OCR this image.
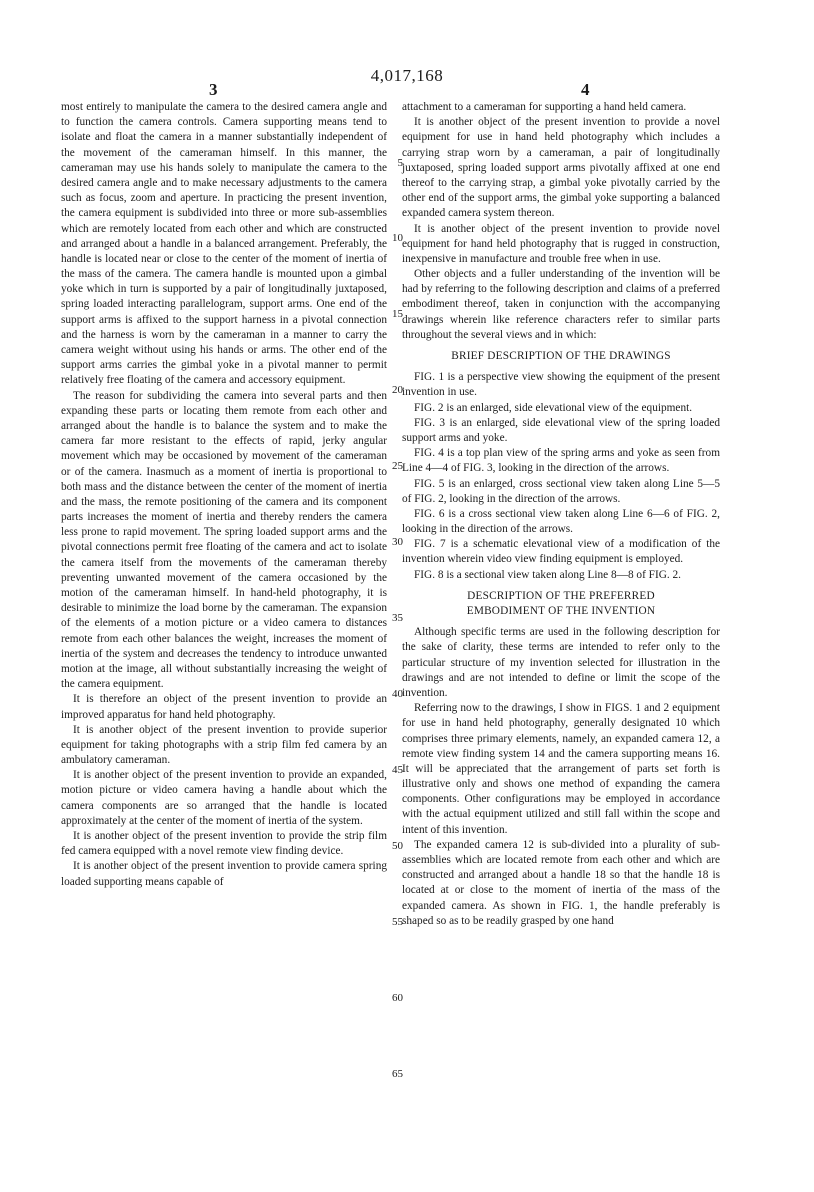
4,017,168
3	4

most entirely to manipulate the camera to the desired camera angle and to function the camera controls. Camera supporting means tend to isolate and float the camera in a manner substantially independent of the movement of the cameraman himself. In this manner, the cameraman may use his hands solely to manipulate the camera to the desired camera angle and to make necessary adjustments to the camera such as focus, zoom and aperture. In practicing the present invention, the camera equipment is subdivided into three or more sub-assemblies which are remotely located from each other and which are constructed and arranged about a handle in a balanced arrangement. Preferably, the handle is located near or close to the center of the moment of inertia of the mass of the camera. The camera handle is mounted upon a gimbal yoke which in turn is supported by a pair of longitudinally juxtaposed, spring loaded interacting parallelogram, support arms. One end of the support arms is affixed to the support harness in a pivotal connection and the harness is worn by the cameraman in a manner to carry the camera weight without using his hands or arms. The other end of the support arms carries the gimbal yoke in a pivotal manner to permit relatively free floating of the camera and accessory equipment.

The reason for subdividing the camera into several parts and then expanding these parts or locating them remote from each other and arranged about the handle is to balance the system and to make the camera far more resistant to the effects of rapid, jerky angular movement which may be occasioned by movement of the cameraman or of the camera. Inasmuch as a moment of inertia is proportional to both mass and the distance between the center of the moment of inertia and the mass, the remote positioning of the camera and its component parts increases the moment of inertia and thereby renders the camera less prone to rapid movement. The spring loaded support arms and the pivotal connections permit free floating of the camera and act to isolate the camera itself from the movements of the cameraman thereby preventing unwanted movement of the camera occasioned by the motion of the cameraman himself. In hand-held photography, it is desirable to minimize the load borne by the cameraman. The expansion of the elements of a motion picture or a video camera to distances remote from each other balances the weight, increases the moment of inertia of the system and decreases the tendency to introduce unwanted motion at the image, all without substantially increasing the weight of the camera equipment.

It is therefore an object of the present invention to provide an improved apparatus for hand held photography.

It is another object of the present invention to provide superior equipment for taking photographs with a strip film fed camera by an ambulatory cameraman.

It is another object of the present invention to provide an expanded, motion picture or video camera having a handle about which the camera components are so arranged that the handle is located approximately at the center of the moment of inertia of the system.

It is another object of the present invention to provide the strip film fed camera equipped with a novel remote view finding device.

It is another object of the present invention to provide camera spring loaded supporting means capable of

5
10
15
20
25
30
35
40
45
50
55
60
65

attachment to a cameraman for supporting a hand held camera.

It is another object of the present invention to provide a novel equipment for use in hand held photography which includes a carrying strap worn by a cameraman, a pair of longitudinally juxtaposed, spring loaded support arms pivotally affixed at one end thereof to the carrying strap, a gimbal yoke pivotally carried by the other end of the support arms, the gimbal yoke supporting a balanced expanded camera system thereon.

It is another object of the present invention to provide novel equipment for hand held photography that is rugged in construction, inexpensive in manufacture and trouble free when in use.

Other objects and a fuller understanding of the invention will be had by referring to the following description and claims of a preferred embodiment thereof, taken in conjunction with the accompanying drawings wherein like reference characters refer to similar parts throughout the several views and in which:

BRIEF DESCRIPTION OF THE DRAWINGS

FIG. 1 is a perspective view showing the equipment of the present invention in use.

FIG. 2 is an enlarged, side elevational view of the equipment.

FIG. 3 is an enlarged, side elevational view of the spring loaded support arms and yoke.

FIG. 4 is a top plan view of the spring arms and yoke as seen from Line 4—4 of FIG. 3, looking in the direction of the arrows.

FIG. 5 is an enlarged, cross sectional view taken along Line 5—5 of FIG. 2, looking in the direction of the arrows.

FIG. 6 is a cross sectional view taken along Line 6—6 of FIG. 2, looking in the direction of the arrows.

FIG. 7 is a schematic elevational view of a modification of the invention wherein video view finding equipment is employed.

FIG. 8 is a sectional view taken along Line 8—8 of FIG. 2.

DESCRIPTION OF THE PREFERRED EMBODIMENT OF THE INVENTION

Although specific terms are used in the following description for the sake of clarity, these terms are intended to refer only to the particular structure of my invention selected for illustration in the drawings and are not intended to define or limit the scope of the invention.

Referring now to the drawings, I show in FIGS. 1 and 2 equipment for use in hand held photography, generally designated 10 which comprises three primary elements, namely, an expanded camera 12, a remote view finding system 14 and the camera supporting means 16. It will be appreciated that the arrangement of parts set forth is illustrative only and shows one method of expanding the camera components. Other configurations may be employed in accordance with the actual equipment utilized and still fall within the scope and intent of this invention.

The expanded camera 12 is sub-divided into a plurality of sub-assemblies which are located remote from each other and which are constructed and arranged about a handle 18 so that the handle 18 is located at or close to the moment of inertia of the mass of the expanded camera. As shown in FIG. 1, the handle preferably is shaped so as to be readily grasped by one hand
